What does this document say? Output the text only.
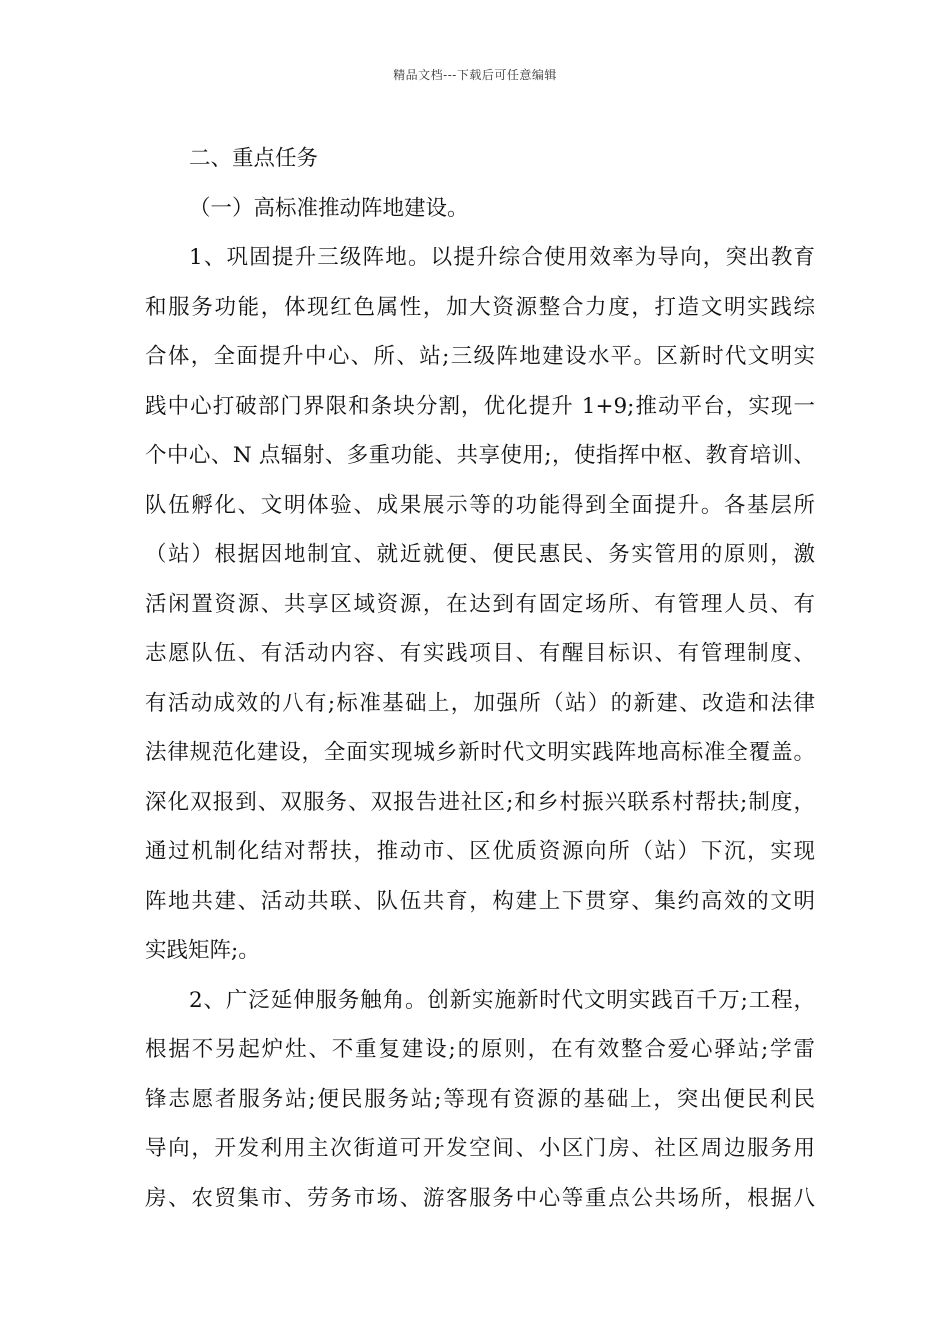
精品文档---下载后可任意编辑
二、重点任务
（一）高标准推动阵地建设。
1、巩固提升三级阵地。以提升综合使用效率为导向，突出教育
和服务功能，体现红色属性，加大资源整合力度，打造文明实践综
合体，全面提升中心、所、站;三级阵地建设水平。区新时代文明实
践中心打破部门界限和条块分割，优化提升 1+9;推动平台，实现一
个中心、N 点辐射、多重功能、共享使用;，使指挥中枢、教育培训、
队伍孵化、文明体验、成果展示等的功能得到全面提升。各基层所
（站）根据因地制宜、就近就便、便民惠民、务实管用的原则，激
活闲置资源、共享区域资源，在达到有固定场所、有管理人员、有
志愿队伍、有活动内容、有实践项目、有醒目标识、有管理制度、
有活动成效的八有;标准基础上，加强所（站）的新建、改造和法律
法律规范化建设，全面实现城乡新时代文明实践阵地高标准全覆盖。
深化双报到、双服务、双报告进社区;和乡村振兴联系村帮扶;制度，
通过机制化结对帮扶，推动市、区优质资源向所（站）下沉，实现
阵地共建、活动共联、队伍共育，构建上下贯穿、集约高效的文明
实践矩阵;。
2、广泛延伸服务触角。创新实施新时代文明实践百千万;工程，
根据不另起炉灶、不重复建设;的原则，在有效整合爱心驿站;学雷
锋志愿者服务站;便民服务站;等现有资源的基础上，突出便民利民
导向，开发利用主次街道可开发空间、小区门房、社区周边服务用
房、农贸集市、劳务市场、游客服务中心等重点公共场所，根据八
